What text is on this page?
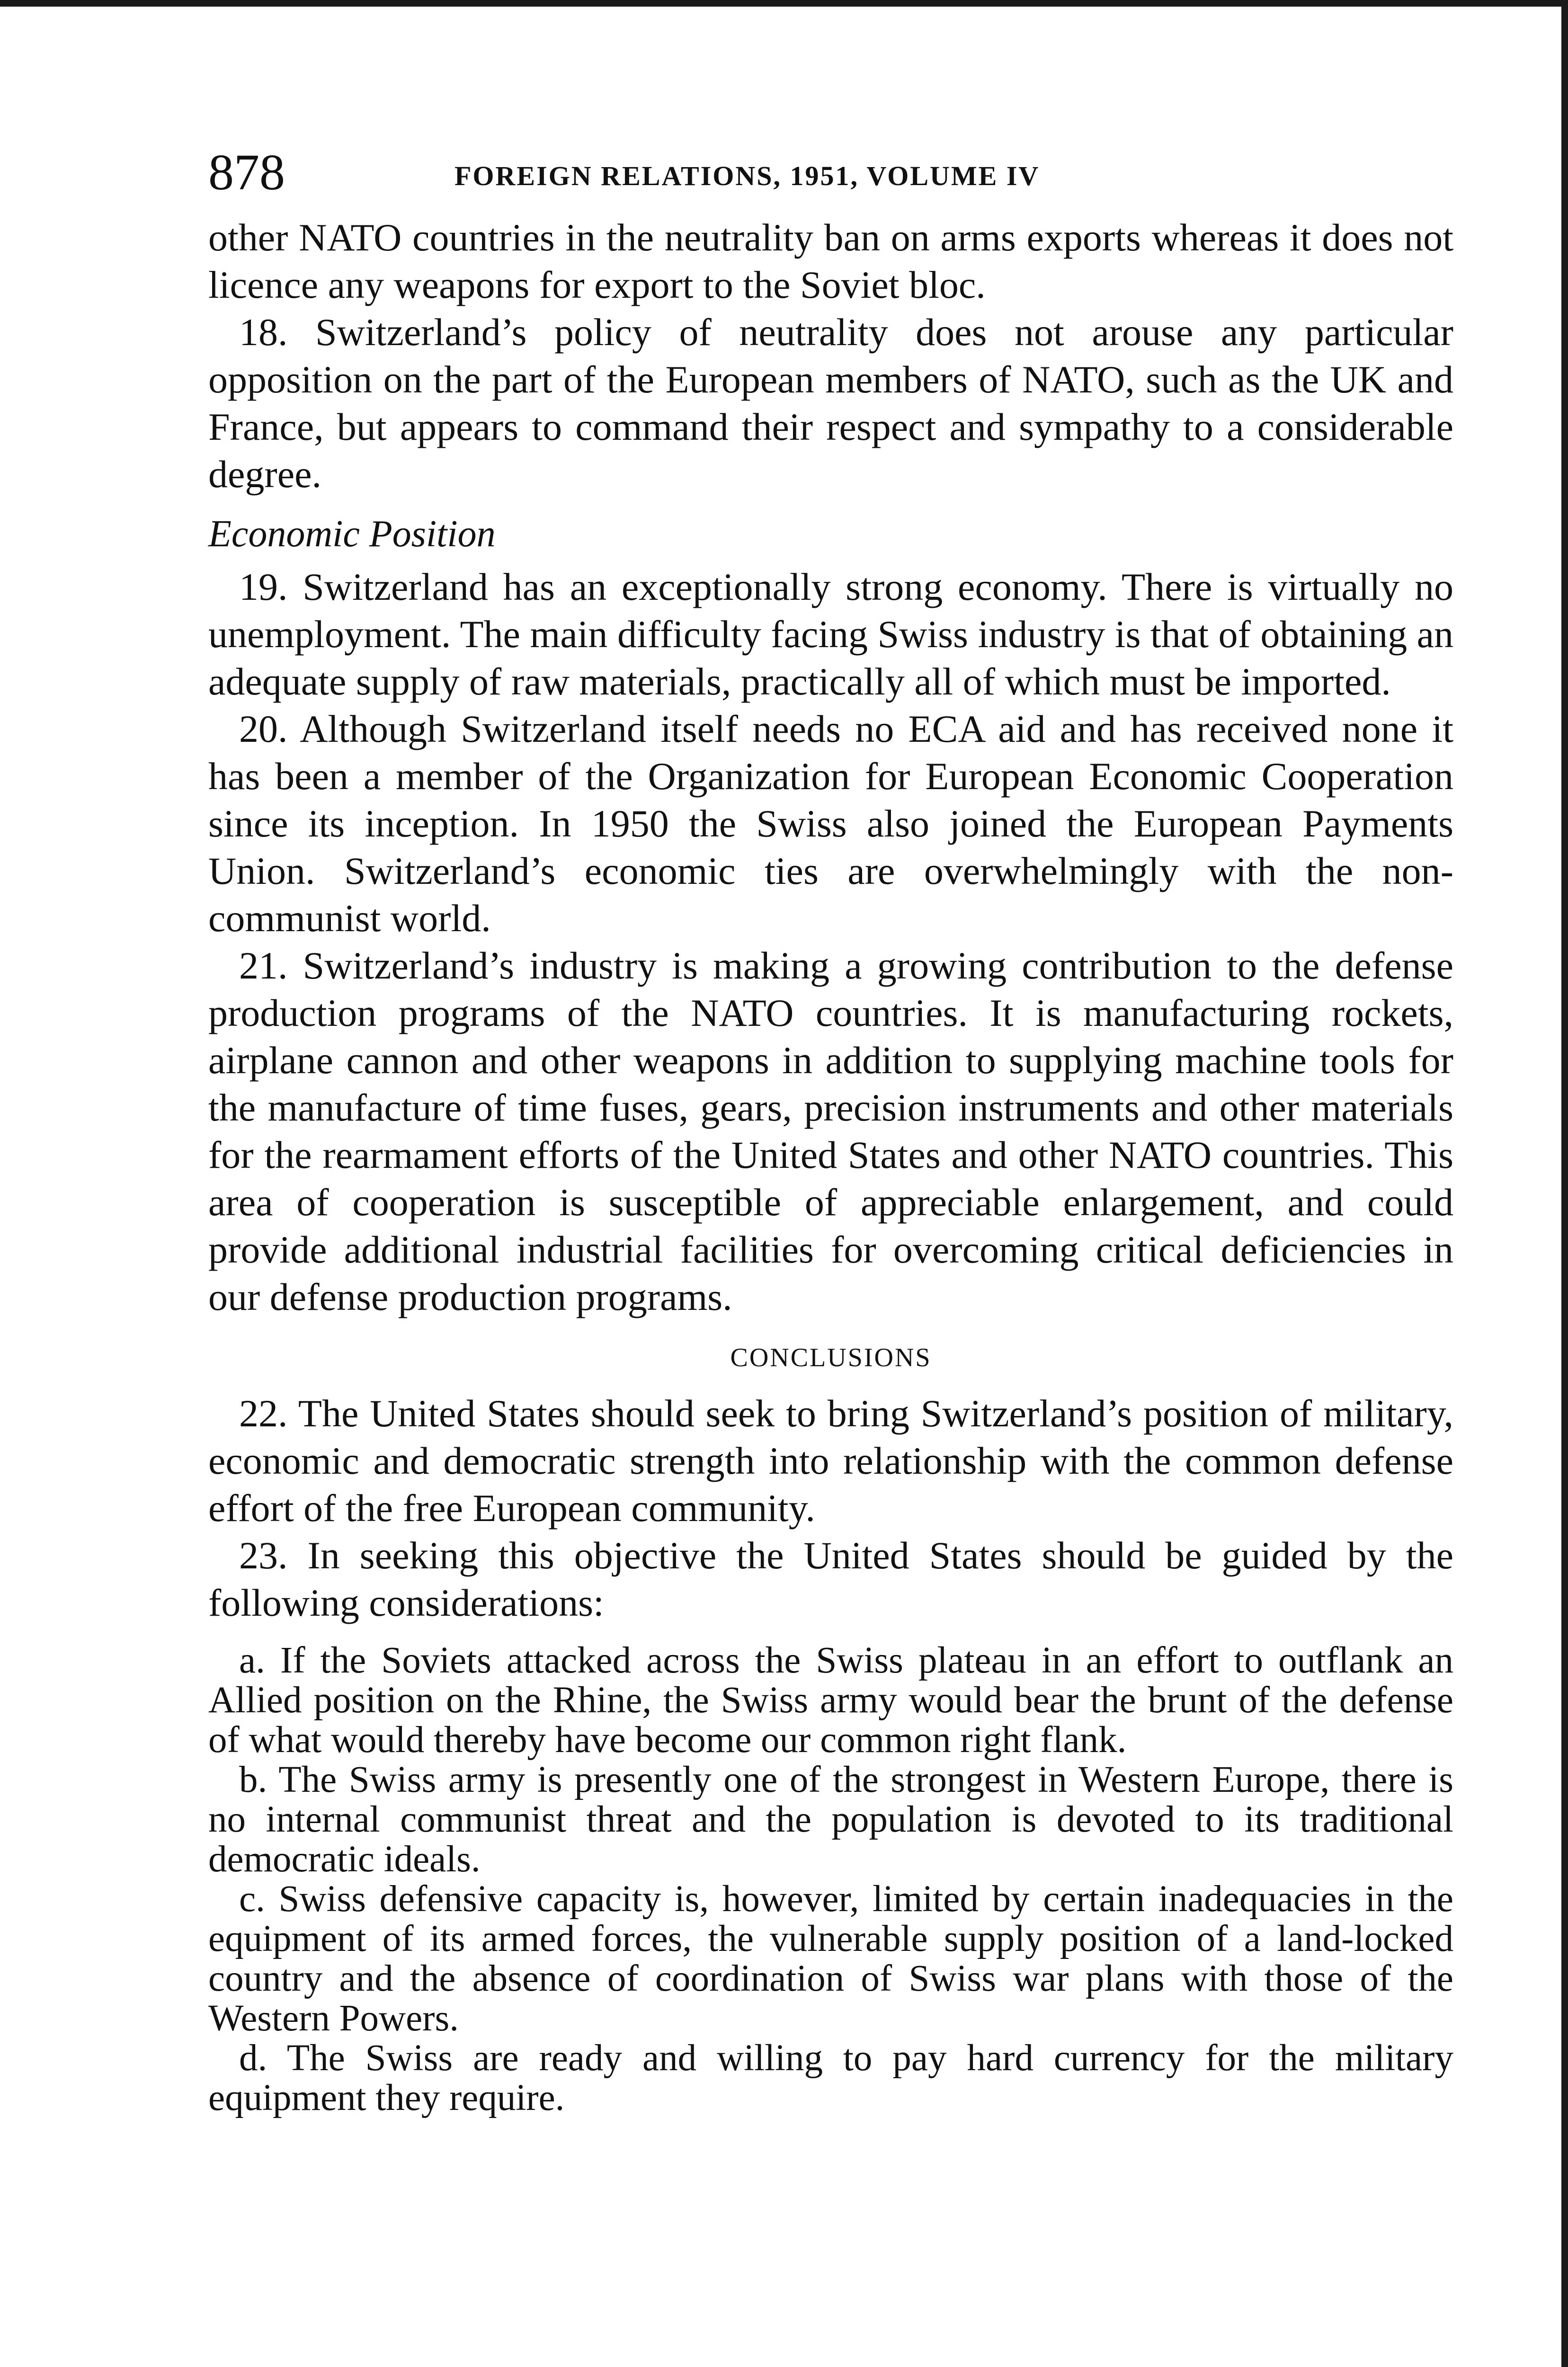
878	FOREIGN RELATIONS, 1951, VOLUME IV

other NATO countries in the neutrality ban on arms exports whereas it does not licence any weapons for export to the Soviet bloc.

18. Switzerland’s policy of neutrality does not arouse any particular opposition on the part of the European members of NATO, such as the UK and France, but appears to command their respect and sympathy to a considerable degree.

Economic Position

19. Switzerland has an exceptionally strong economy. There is virtually no unemployment. The main difficulty facing Swiss industry is that of obtaining an adequate supply of raw materials, practically all of which must be imported.

20. Although Switzerland itself needs no ECA aid and has received none it has been a member of the Organization for European Economic Cooperation since its inception. In 1950 the Swiss also joined the European Payments Union. Switzerland’s economic ties are overwhelmingly with the non-communist world.

21. Switzerland’s industry is making a growing contribution to the defense production programs of the NATO countries. It is manufacturing rockets, airplane cannon and other weapons in addition to supplying machine tools for the manufacture of time fuses, gears, precision instruments and other materials for the rearmament efforts of the United States and other NATO countries. This area of cooperation is susceptible of appreciable enlargement, and could provide additional industrial facilities for overcoming critical deficiencies in our defense production programs.

CONCLUSIONS

22. The United States should seek to bring Switzerland’s position of military, economic and democratic strength into relationship with the common defense effort of the free European community.

23. In seeking this objective the United States should be guided by the following considerations:

a. If the Soviets attacked across the Swiss plateau in an effort to outflank an Allied position on the Rhine, the Swiss army would bear the brunt of the defense of what would thereby have become our common right flank.

b. The Swiss army is presently one of the strongest in Western Europe, there is no internal communist threat and the population is devoted to its traditional democratic ideals.

c. Swiss defensive capacity is, however, limited by certain inadequacies in the equipment of its armed forces, the vulnerable supply position of a land-locked country and the absence of coordination of Swiss war plans with those of the Western Powers.

d. The Swiss are ready and willing to pay hard currency for the military equipment they require.
